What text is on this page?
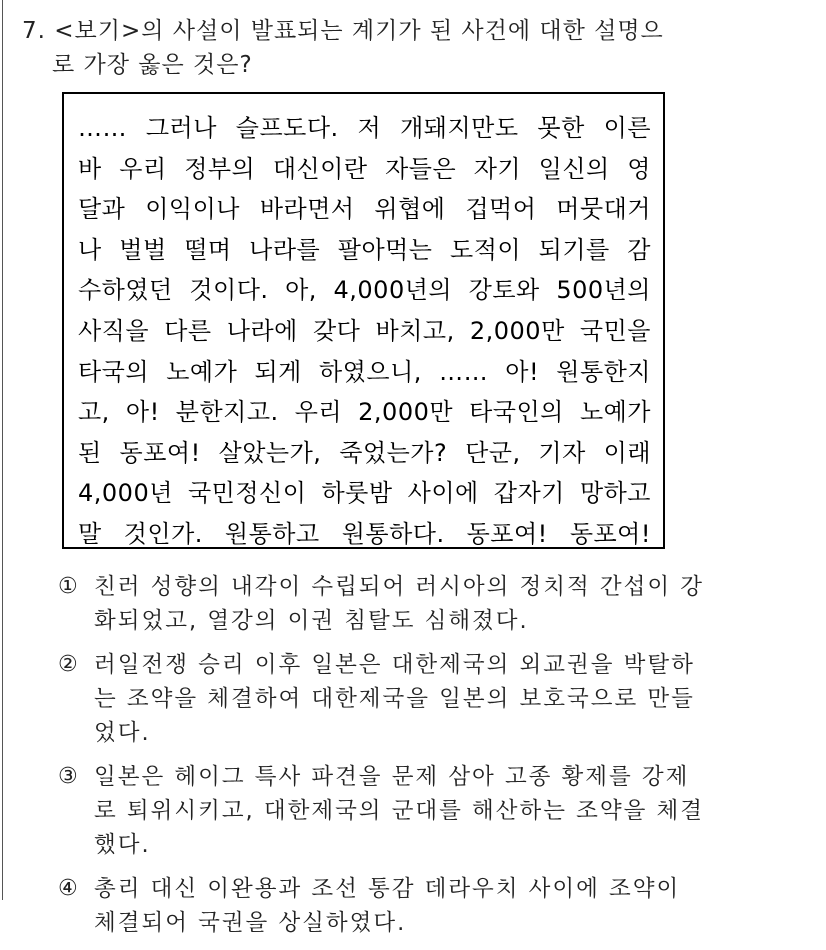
7. <보기>의 사설이 발표되는 계기가 된 사건에 대한 설명으
로 가장 옳은 것은?
…… 그러나 슬프도다. 저 개돼지만도 못한 이른
바 우리 정부의 대신이란 자들은 자기 일신의 영
달과 이익이나 바라면서 위협에 겁먹어 머뭇대거
나 벌벌 떨며 나라를 팔아먹는 도적이 되기를 감
수하였던 것이다. 아, 4,000년의 강토와 500년의
사직을 다른 나라에 갖다 바치고, 2,000만 국민을
타국의 노예가 되게 하였으니, …… 아! 원통한지
고, 아! 분한지고. 우리 2,000만 타국인의 노예가
된 동포여! 살았는가, 죽었는가? 단군, 기자 이래
4,000년 국민정신이 하룻밤 사이에 갑자기 망하고
말 것인가. 원통하고 원통하다. 동포여! 동포여!
① 친러 성향의 내각이 수립되어 러시아의 정치적 간섭이 강
화되었고, 열강의 이권 침탈도 심해졌다.
② 러일전쟁 승리 이후 일본은 대한제국의 외교권을 박탈하
는 조약을 체결하여 대한제국을 일본의 보호국으로 만들
었다.
③ 일본은 헤이그 특사 파견을 문제 삼아 고종 황제를 강제
로 퇴위시키고, 대한제국의 군대를 해산하는 조약을 체결
했다.
④ 총리 대신 이완용과 조선 통감 데라우치 사이에 조약이
체결되어 국권을 상실하였다.
